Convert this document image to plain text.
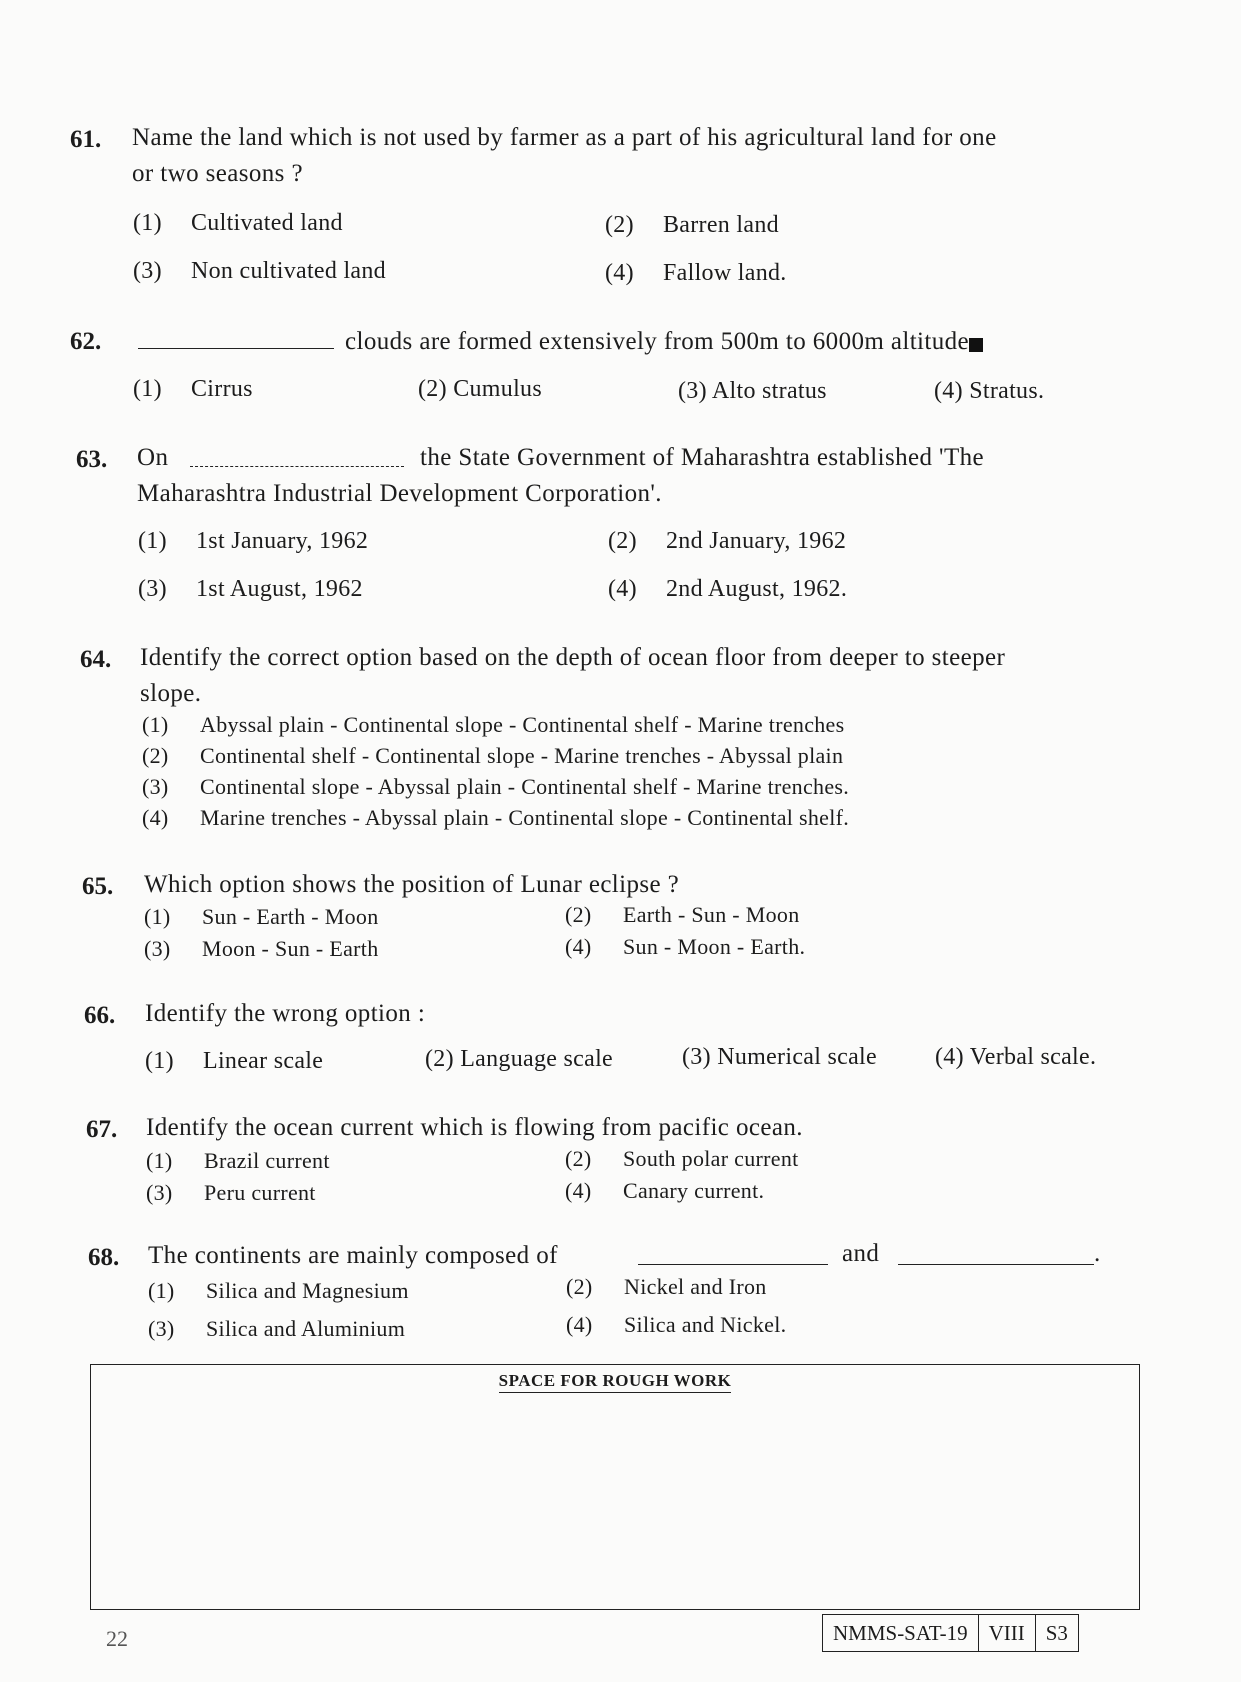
61. Name the land which is not used by farmer as a part of his agricultural land for one
or two seasons ?
(1) Cultivated land	(2) Barren land
(3) Non cultivated land	(4) Fallow land.
62.	clouds are formed extensively from 500m to 6000m altitude
(1) Cirrus	(2) Cumulus	(3) Alto stratus	(4) Stratus.
63. On	the State Government of Maharashtra established 'The
Maharashtra Industrial Development Corporation'.
(1) 1st January, 1962	(2) 2nd January, 1962
(3) 1st August, 1962	(4) 2nd August, 1962.
64. Identify the correct option based on the depth of ocean floor from deeper to steeper
slope.
(1) Abyssal plain - Continental slope - Continental shelf - Marine trenches
(2) Continental shelf - Continental slope - Marine trenches - Abyssal plain
(3) Continental slope - Abyssal plain - Continental shelf - Marine trenches.
(4) Marine trenches - Abyssal plain - Continental slope - Continental shelf.
65. Which option shows the position of Lunar eclipse ?
(1) Sun - Earth - Moon	(2) Earth - Sun - Moon
(3) Moon - Sun - Earth	(4) Sun - Moon - Earth.
66. Identify the wrong option :
(1) Linear scale	(2) Language scale	(3) Numerical scale (4) Verbal scale.
67. Identify the ocean current which is flowing from pacific ocean.
(1) Brazil current	(2) South polar current
(3) Peru current	(4) Canary current.
68. The continents are mainly composed of	and	.
(1) Silica and Magnesium	(2) Nickel and Iron
(3) Silica and Aluminium	(4) Silica and Nickel.
SPACE FOR ROUGH WORK
22	NMMS-SAT-19	VIII	S3
